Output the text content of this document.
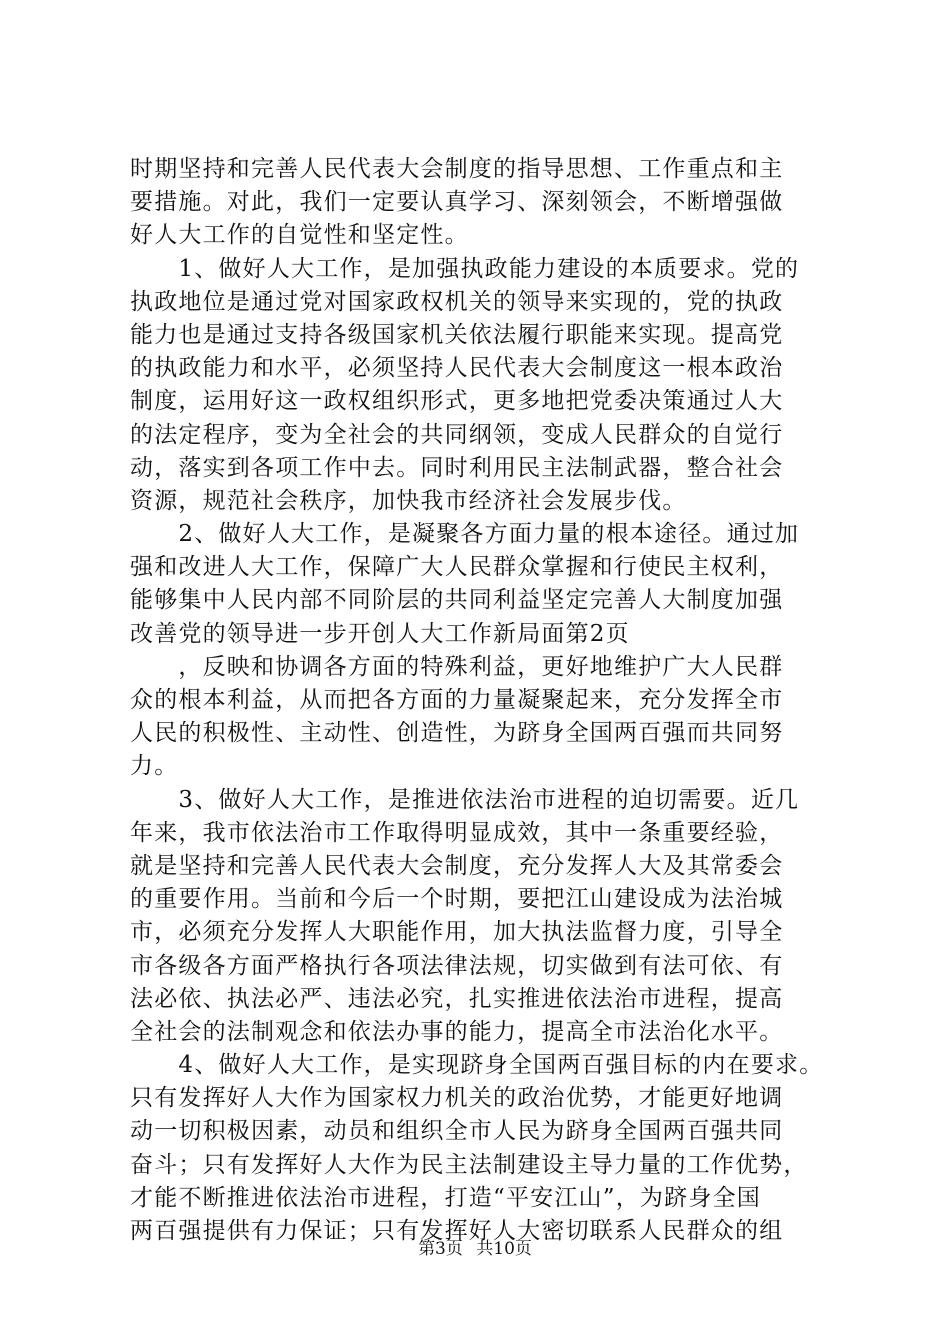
时期坚持和完善人民代表大会制度的指导思想、工作重点和主
要措施。对此，我们一定要认真学习、深刻领会，不断增强做
好人大工作的自觉性和坚定性。
　　1、做好人大工作，是加强执政能力建设的本质要求。党的
执政地位是通过党对国家政权机关的领导来实现的，党的执政
能力也是通过支持各级国家机关依法履行职能来实现。提高党
的执政能力和水平，必须坚持人民代表大会制度这一根本政治
制度，运用好这一政权组织形式，更多地把党委决策通过人大
的法定程序，变为全社会的共同纲领，变成人民群众的自觉行
动，落实到各项工作中去。同时利用民主法制武器，整合社会
资源，规范社会秩序，加快我市经济社会发展步伐。
　　2、做好人大工作，是凝聚各方面力量的根本途径。通过加
强和改进人大工作，保障广大人民群众掌握和行使民主权利，
能够集中人民内部不同阶层的共同利益坚定完善人大制度加强
改善党的领导进一步开创人大工作新局面第2页
　　，反映和协调各方面的特殊利益，更好地维护广大人民群
众的根本利益，从而把各方面的力量凝聚起来，充分发挥全市
人民的积极性、主动性、创造性，为跻身全国两百强而共同努
力。
　　3、做好人大工作，是推进依法治市进程的迫切需要。近几
年来，我市依法治市工作取得明显成效，其中一条重要经验，
就是坚持和完善人民代表大会制度，充分发挥人大及其常委会
的重要作用。当前和今后一个时期，要把江山建设成为法治城
市，必须充分发挥人大职能作用，加大执法监督力度，引导全
市各级各方面严格执行各项法律法规，切实做到有法可依、有
法必依、执法必严、违法必究，扎实推进依法治市进程，提高
全社会的法制观念和依法办事的能力，提高全市法治化水平。
　　4、做好人大工作，是实现跻身全国两百强目标的内在要求。
只有发挥好人大作为国家权力机关的政治优势，才能更好地调
动一切积极因素，动员和组织全市人民为跻身全国两百强共同
奋斗；只有发挥好人大作为民主法制建设主导力量的工作优势，
才能不断推进依法治市进程，打造“平安江山”，为跻身全国
两百强提供有力保证；只有发挥好人大密切联系人民群众的组
第3页 共10页
